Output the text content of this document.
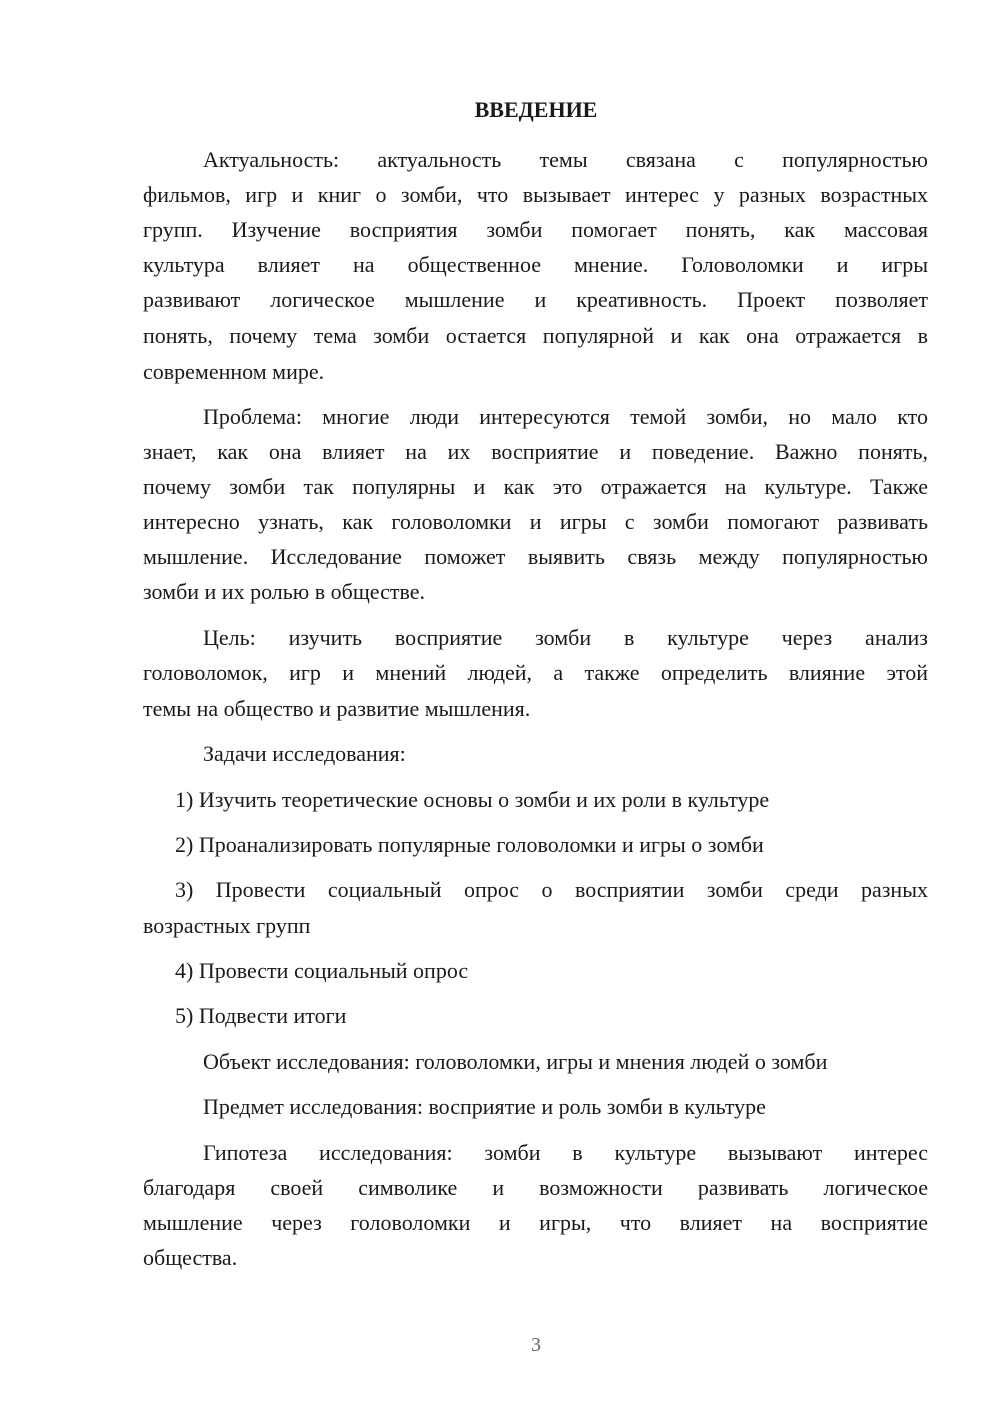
ВВЕДЕНИЕ
Актуальность: актуальность темы связана с популярностью
фильмов, игр и книг о зомби, что вызывает интерес у разных возрастных
групп. Изучение восприятия зомби помогает понять, как массовая
культура влияет на общественное мнение. Головоломки и игры
развивают логическое мышление и креативность. Проект позволяет
понять, почему тема зомби остается популярной и как она отражается в
современном мире.
Проблема: многие люди интересуются темой зомби, но мало кто
знает, как она влияет на их восприятие и поведение. Важно понять,
почему зомби так популярны и как это отражается на культуре. Также
интересно узнать, как головоломки и игры с зомби помогают развивать
мышление. Исследование поможет выявить связь между популярностью
зомби и их ролью в обществе.
Цель: изучить восприятие зомби в культуре через анализ
головоломок, игр и мнений людей, а также определить влияние этой
темы на общество и развитие мышления.
Задачи исследования:
1) Изучить теоретические основы о зомби и их роли в культуре
2) Проанализировать популярные головоломки и игры о зомби
3) Провести социальный опрос о восприятии зомби среди разных
возрастных групп
4) Провести социальный опрос
5) Подвести итоги
Объект исследования: головоломки, игры и мнения людей о зомби
Предмет исследования: восприятие и роль зомби в культуре
Гипотеза исследования: зомби в культуре вызывают интерес
благодаря своей символике и возможности развивать логическое
мышление через головоломки и игры, что влияет на восприятие
общества.
3
